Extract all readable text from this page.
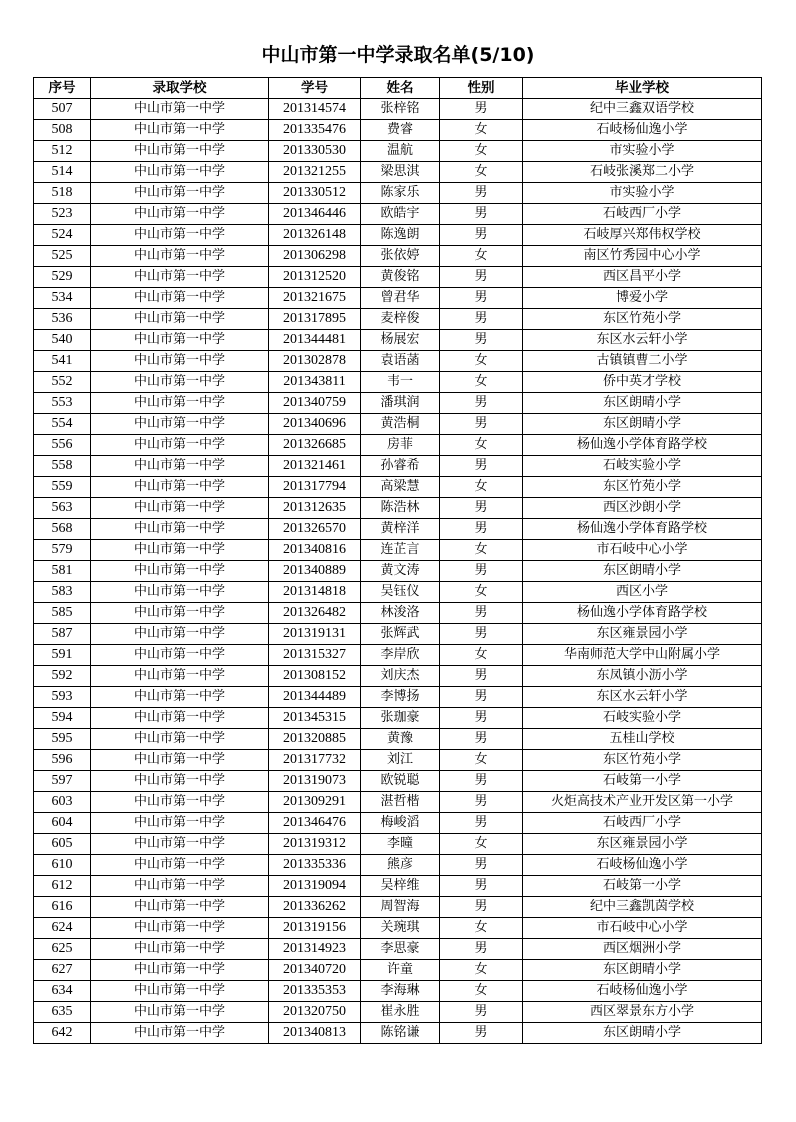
中山市第一中学录取名单(5/10)
序号	录取学校	学号	姓名	性别	毕业学校
507	中山市第一中学	201314574	张梓铭	男	纪中三鑫双语学校
508	中山市第一中学	201335476	费睿	女	石岐杨仙逸小学
512	中山市第一中学	201330530	温航	女	市实验小学
514	中山市第一中学	201321255	梁思淇	女	石岐张溪郑二小学
518	中山市第一中学	201330512	陈家乐	男	市实验小学
523	中山市第一中学	201346446	欧皓宇	男	石岐西厂小学
524	中山市第一中学	201326148	陈逸朗	男	石岐厚兴郑伟权学校
525	中山市第一中学	201306298	张依婷	女	南区竹秀园中心小学
529	中山市第一中学	201312520	黄俊铭	男	西区昌平小学
534	中山市第一中学	201321675	曾君华	男	博爱小学
536	中山市第一中学	201317895	麦梓俊	男	东区竹苑小学
540	中山市第一中学	201344481	杨展宏	男	东区水云轩小学
541	中山市第一中学	201302878	袁语菡	女	古镇镇曹二小学
552	中山市第一中学	201343811	韦一	女	侨中英才学校
553	中山市第一中学	201340759	潘琪润	男	东区朗晴小学
554	中山市第一中学	201340696	黄浩桐	男	东区朗晴小学
556	中山市第一中学	201326685	房菲	女	杨仙逸小学体育路学校
558	中山市第一中学	201321461	孙睿希	男	石岐实验小学
559	中山市第一中学	201317794	高梁慧	女	东区竹苑小学
563	中山市第一中学	201312635	陈浩林	男	西区沙朗小学
568	中山市第一中学	201326570	黄梓洋	男	杨仙逸小学体育路学校
579	中山市第一中学	201340816	连芷言	女	市石岐中心小学
581	中山市第一中学	201340889	黄文涛	男	东区朗晴小学
583	中山市第一中学	201314818	吴钰仪	女	西区小学
585	中山市第一中学	201326482	林浚洛	男	杨仙逸小学体育路学校
587	中山市第一中学	201319131	张辉武	男	东区雍景园小学
591	中山市第一中学	201315327	李岸欣	女	华南师范大学中山附属小学
592	中山市第一中学	201308152	刘庆杰	男	东凤镇小沥小学
593	中山市第一中学	201344489	李博扬	男	东区水云轩小学
594	中山市第一中学	201345315	张珈豪	男	石岐实验小学
595	中山市第一中学	201320885	黄豫	男	五桂山学校
596	中山市第一中学	201317732	刘江	女	东区竹苑小学
597	中山市第一中学	201319073	欧锐聪	男	石岐第一小学
603	中山市第一中学	201309291	湛哲楷	男	火炬高技术产业开发区第一小学
604	中山市第一中学	201346476	梅峻滔	男	石岐西厂小学
605	中山市第一中学	201319312	李曈	女	东区雍景园小学
610	中山市第一中学	201335336	熊彦	男	石岐杨仙逸小学
612	中山市第一中学	201319094	吴梓维	男	石岐第一小学
616	中山市第一中学	201336262	周智海	男	纪中三鑫凯茵学校
624	中山市第一中学	201319156	关琬琪	女	市石岐中心小学
625	中山市第一中学	201314923	李思豪	男	西区烟洲小学
627	中山市第一中学	201340720	许童	女	东区朗晴小学
634	中山市第一中学	201335353	李海琳	女	石岐杨仙逸小学
635	中山市第一中学	201320750	崔永胜	男	西区翠景东方小学
642	中山市第一中学	201340813	陈铭谦	男	东区朗晴小学
